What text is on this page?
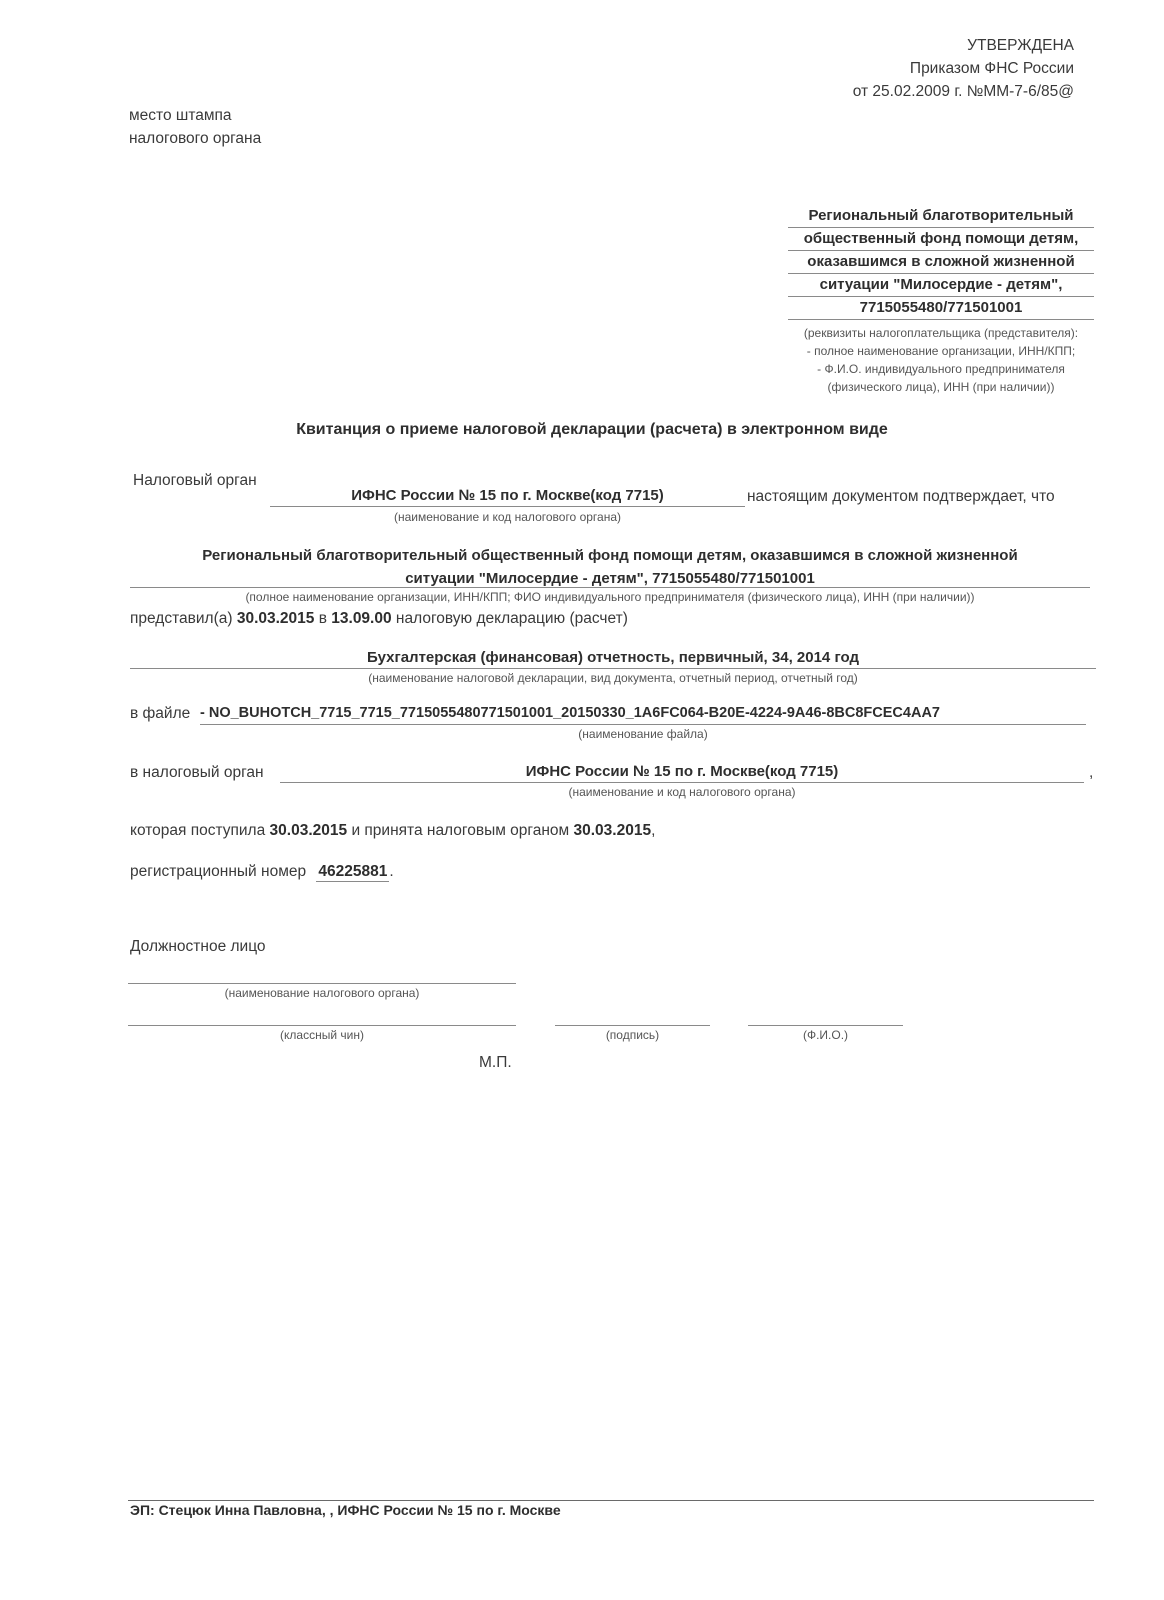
УТВЕРЖДЕНА
Приказом ФНС России
от 25.02.2009 г. №ММ-7-6/85@
место штампа
налогового органа
Региональный благотворительный
общественный фонд помощи детям,
оказавшимся в сложной жизненной
ситуации "Милосердие - детям",
7715055480/771501001
(реквизиты налогоплательщика (представителя):
- полное наименование организации, ИНН/КПП;
- Ф.И.О. индивидуального предпринимателя
(физического лица), ИНН (при наличии))
Квитанция о приеме налоговой декларации (расчета) в электронном виде
Налоговый орган
ИФНС России № 15 по г. Москве(код 7715)	настоящим документом подтверждает, что
(наименование и код налогового органа)
Региональный благотворительный общественный фонд помощи детям, оказавшимся в сложной жизненной
ситуации "Милосердие - детям", 7715055480/771501001
(полное наименование организации, ИНН/КПП; ФИО индивидуального предпринимателя (физического лица), ИНН (при наличии))
представил(а) 30.03.2015 в 13.09.00 налоговую декларацию (расчет)
Бухгалтерская (финансовая) отчетность, первичный, 34, 2014 год
(наименование налоговой декларации, вид документа, отчетный период, отчетный год)
в файле - NO_BUHOTCH_7715_7715_7715055480771501001_20150330_1A6FC064-B20E-4224-9A46-8BC8FCEC4AA7
(наименование файла)
в налоговый орган	ИФНС России № 15 по г. Москве(код 7715)	,
(наименование и код налогового органа)
которая поступила 30.03.2015 и принята налоговым органом 30.03.2015,
регистрационный номер 46225881 .
Должностное лицо
(наименование налогового органа)
(классный чин)	(подпись)	(Ф.И.О.)
М.П.
ЭП: Стецюк Инна Павловна, , ИФНС России № 15 по г. Москве
